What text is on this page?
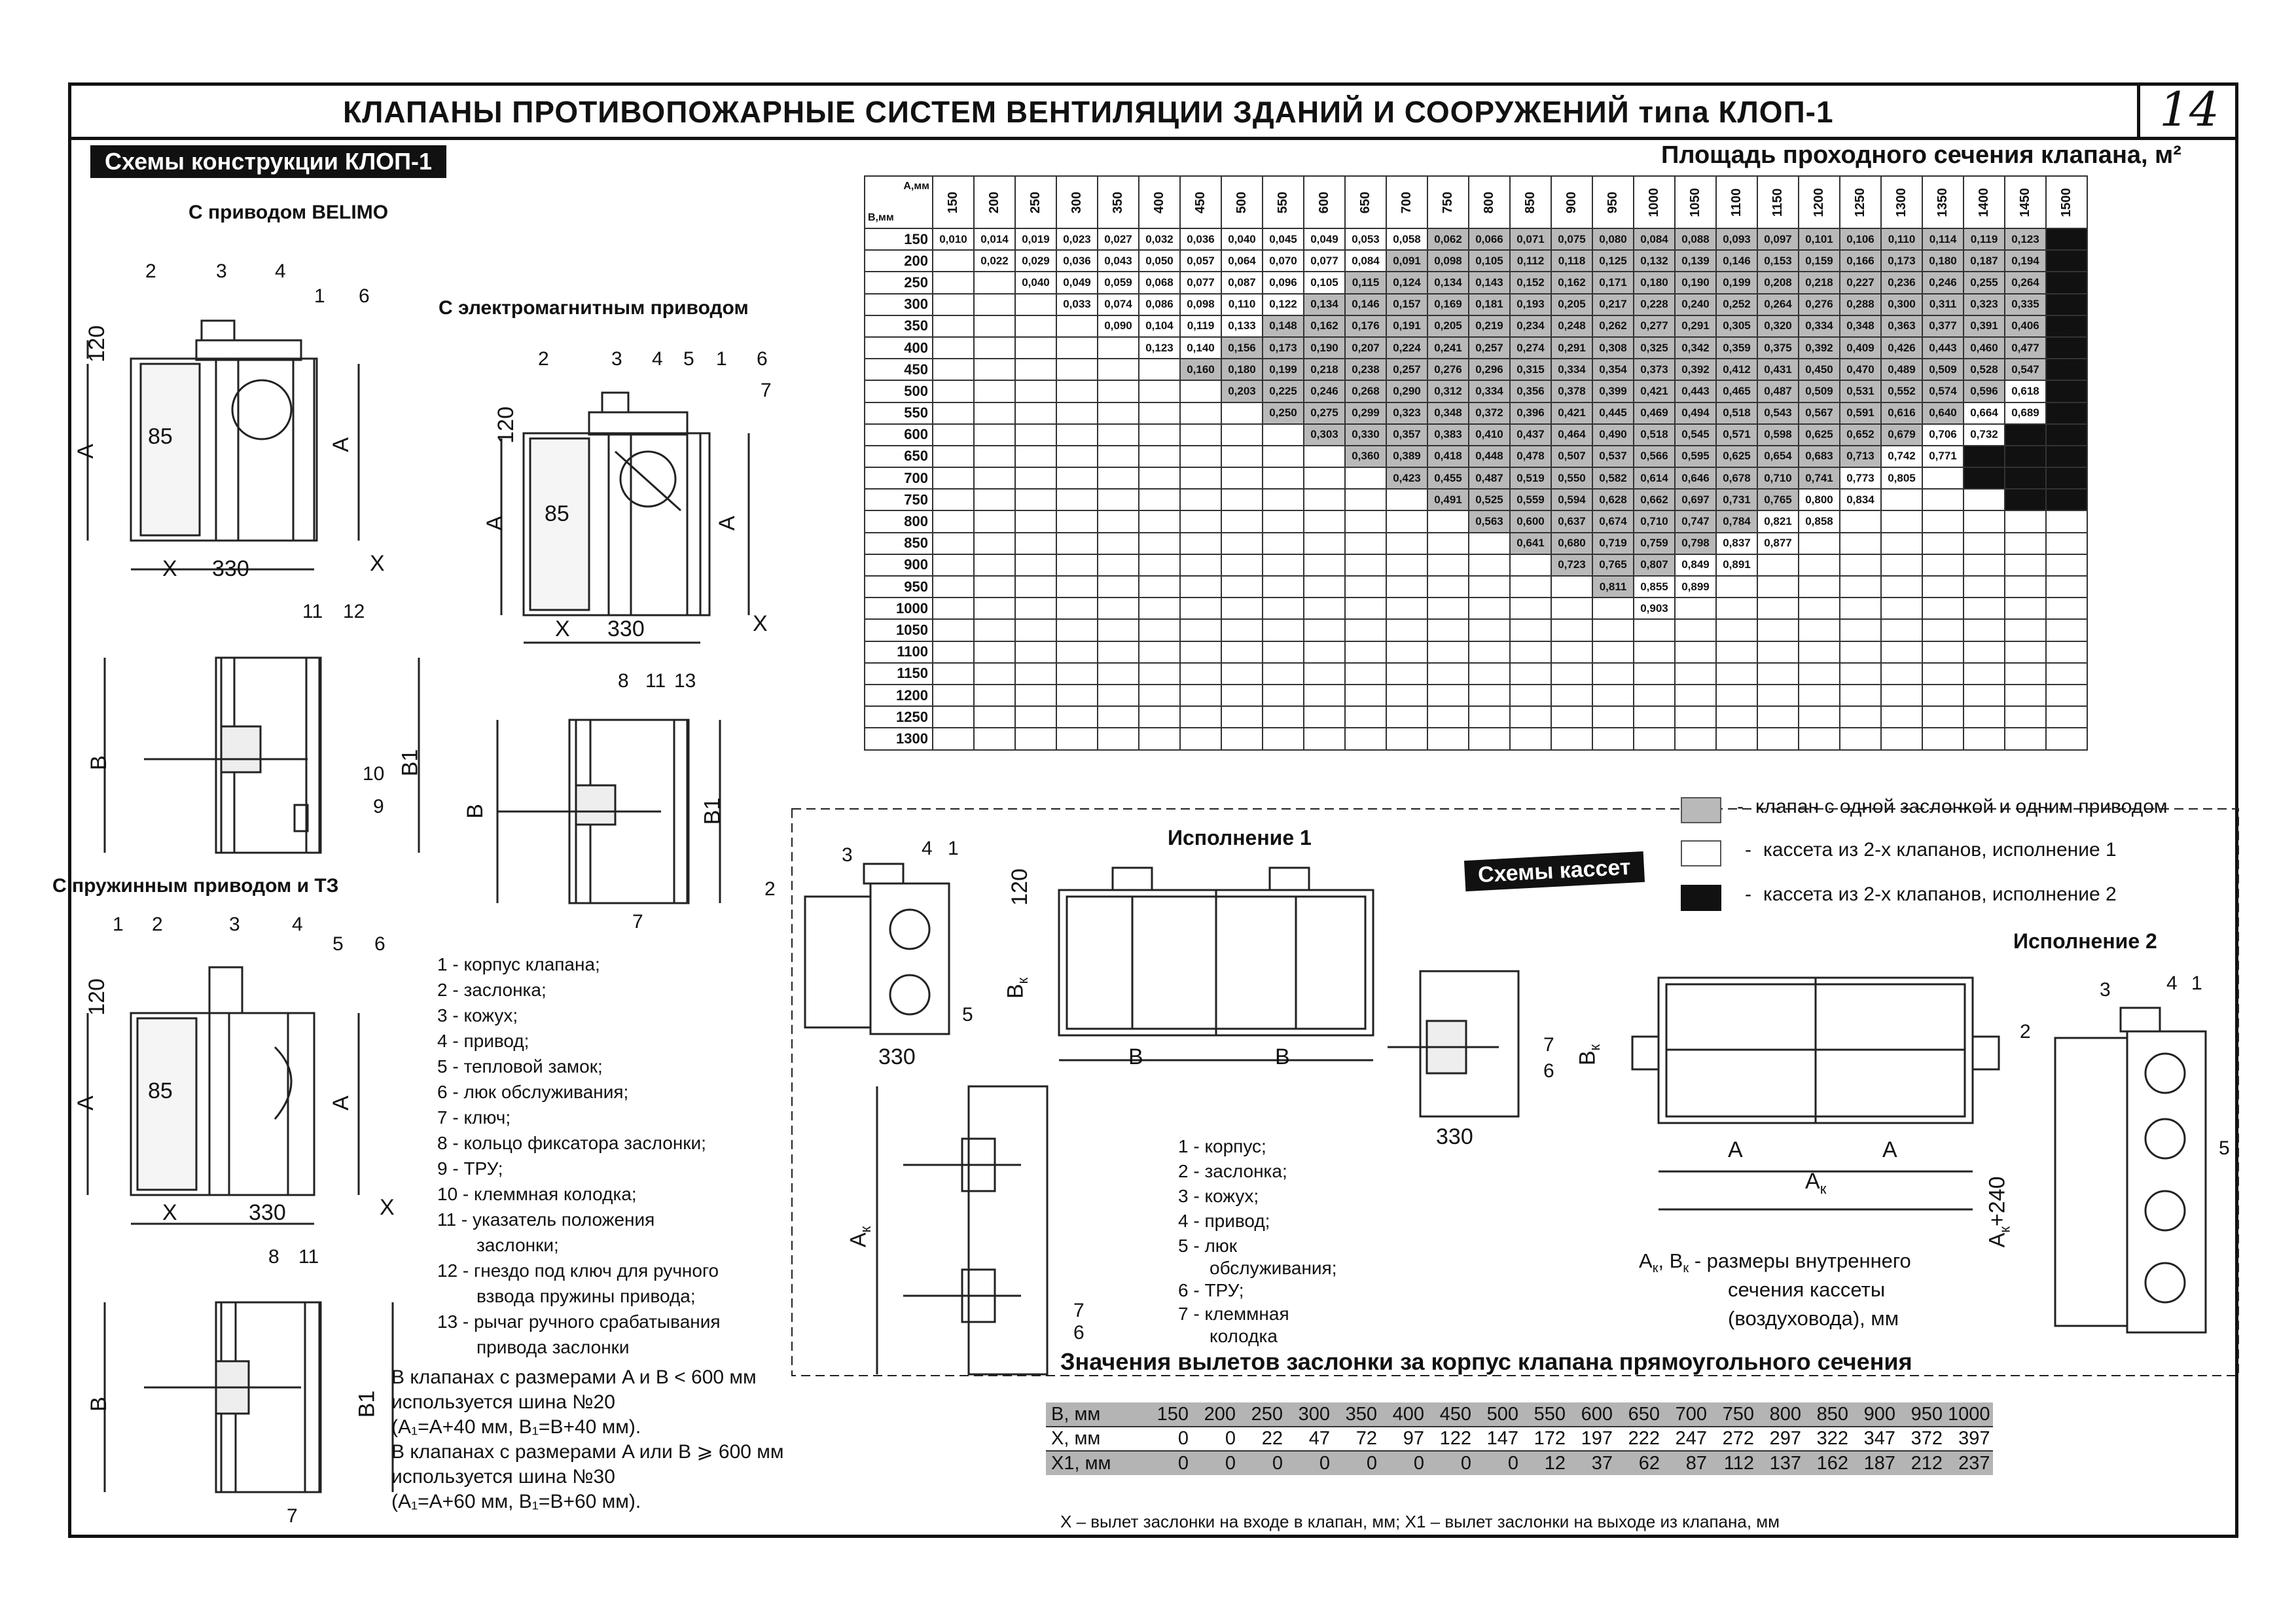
КЛАПАНЫ ПРОТИВОПОЖАРНЫЕ СИСТЕМ ВЕНТИЛЯЦИИ ЗДАНИЙ И СООРУЖЕНИЙ типа КЛОП-1	14
Схемы конструкции КЛОП-1
С приводом BELIMO
С электромагнитным приводом
С пружинным приводом и ТЗ
120
A	A
85
X 330	X
2	3 4
1 6
11 12
10
9
B	B1
120
A	A
85
X 330	X
2	3 4 5 1 6
7
8 11 13
7
B	B1
120
A	A
85
X	330	X
1 2	3	4
5 6
8 11
7
B	B1
1 - корпус клапана;
2 - заслонка;
3 - кожух;
4 - привод;
5 - тепловой замок;
6 - люк обслуживания;
7 - ключ;
8 - кольцо фиксатора заслонки;
9 - ТРУ;
10 - клеммная колодка;
11 - указатель положения
заслонки;
12 - гнездо под ключ для ручного
взвода пружины привода;
13 - рычаг ручного срабатывания
привода заслонки
В клапанах с размерами A и B < 600 мм
используется шина №20
(A₁=A+40 мм, B₁=B+40 мм).
В клапанах с размерами A или B ⩾ 600 мм
используется шина №30
(A₁=A+60 мм, B₁=B+60 мм).
Площадь проходного сечения клапана, м²
А,мм
В,мм	150	200	250	300	350	400	450	500	550	600	650	700	750	800	850	900	950	1000	1050	1100	1150	1200	1250	1300	1350	1400	1450	1500
150	0,010	0,014	0,019	0,023	0,027	0,032	0,036	0,040	0,045	0,049	0,053	0,058	0,062	0,066	0,071	0,075	0,080	0,084	0,088	0,093	0,097	0,101	0,106	0,110	0,114	0,119	0,123	0,127
200		0,022	0,029	0,036	0,043	0,050	0,057	0,064	0,070	0,077	0,084	0,091	0,098	0,105	0,112	0,118	0,125	0,132	0,139	0,146	0,153	0,159	0,166	0,173	0,180	0,187	0,194	0,201
250			0,040	0,049	0,059	0,068	0,077	0,087	0,096	0,105	0,115	0,124	0,134	0,143	0,152	0,162	0,171	0,180	0,190	0,199	0,208	0,218	0,227	0,236	0,246	0,255	0,264	0,274
300				0,033	0,074	0,086	0,098	0,110	0,122	0,134	0,146	0,157	0,169	0,181	0,193	0,205	0,217	0,228	0,240	0,252	0,264	0,276	0,288	0,300	0,311	0,323	0,335	0,347
350					0,090	0,104	0,119	0,133	0,148	0,162	0,176	0,191	0,205	0,219	0,234	0,248	0,262	0,277	0,291	0,305	0,320	0,334	0,348	0,363	0,377	0,391	0,406	0,420
400						0,123	0,140	0,156	0,173	0,190	0,207	0,224	0,241	0,257	0,274	0,291	0,308	0,325	0,342	0,359	0,375	0,392	0,409	0,426	0,443	0,460	0,477	0,493
450							0,160	0,180	0,199	0,218	0,238	0,257	0,276	0,296	0,315	0,334	0,354	0,373	0,392	0,412	0,431	0,450	0,470	0,489	0,509	0,528	0,547	0,567
500								0,203	0,225	0,246	0,268	0,290	0,312	0,334	0,356	0,378	0,399	0,421	0,443	0,465	0,487	0,509	0,531	0,552	0,574	0,596	0,618	0,640
550									0,250	0,275	0,299	0,323	0,348	0,372	0,396	0,421	0,445	0,469	0,494	0,518	0,543	0,567	0,591	0,616	0,640	0,664	0,689	
600										0,303	0,330	0,357	0,383	0,410	0,437	0,464	0,490	0,518	0,545	0,571	0,598	0,625	0,652	0,679	0,706	0,732		
650											0,360	0,389	0,418	0,448	0,478	0,507	0,537	0,566	0,595	0,625	0,654	0,683	0,713	0,742	0,771			
700												0,423	0,455	0,487	0,519	0,550	0,582	0,614	0,646	0,678	0,710	0,741	0,773	0,805				
750													0,491	0,525	0,559	0,594	0,628	0,662	0,697	0,731	0,765	0,800	0,834					
800														0,563	0,600	0,637	0,674	0,710	0,747	0,784	0,821	0,858						
850															0,641	0,680	0,719	0,759	0,798	0,837	0,877							
900																0,723	0,765	0,807	0,849	0,891								
950																	0,811	0,855	0,899									
1000																		0,903										
1050																												
1100																												
1150																												
1200																												
1250																												
1300																												
- клапан с одной заслонкой и одним приводом
- кассета из 2-х клапанов, исполнение 1
- кассета из 2-х клапанов, исполнение 2
Схемы кассет
Исполнение 1
Исполнение 2
120
330
$B_к$
B	B
$A_к$
330
$B_к$
A	A
$A_к$
$A_к+240$
3	4 1
2
5
7
6
7
6
3	4 1
2
5
1 - корпус;
2 - заслонка;
3 - кожух;
4 - привод;
5 - люк
обслуживания;
6 - ТРУ;
7 - клеммная
колодка
$A_к$, $B_к$ - размеры внутреннего
сечения кассеты
(воздуховода), мм
Значения вылетов заслонки за корпус клапана прямоугольного сечения
В, мм	150	200	250	300	350	400	450	500	550	600	650	700	750	800	850	900	950	1000
Х, мм	0	0	22	47	72	97	122	147	172	197	222	247	272	297	322	347	372	397
Х1, мм	0	0	0	0	0	0	0	0	12	37	62	87	112	137	162	187	212	237
Х – вылет заслонки на входе в клапан, мм; Х1 – вылет заслонки на выходе из клапана, мм
